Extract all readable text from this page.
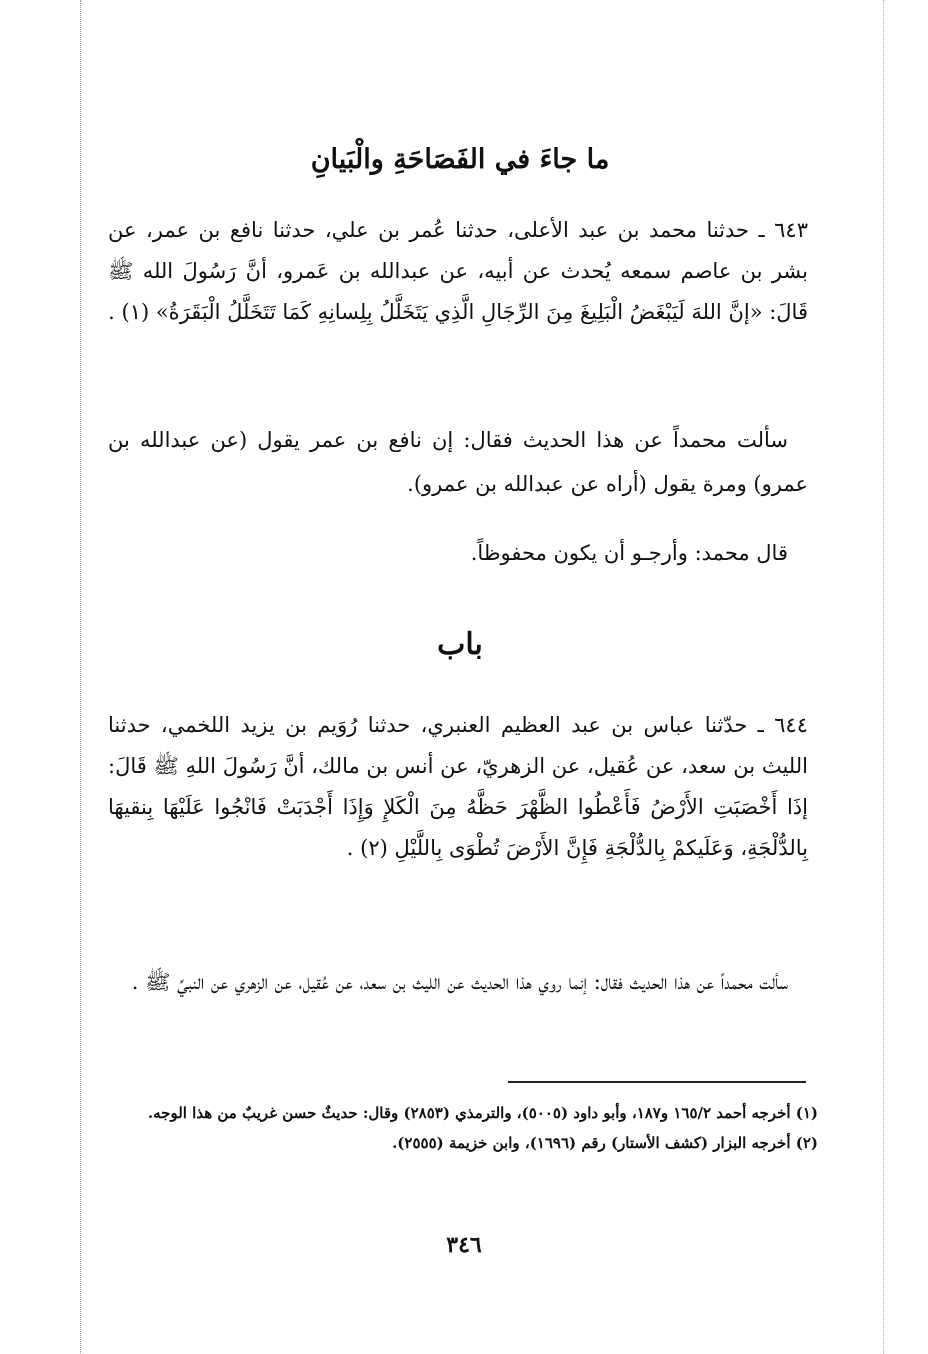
ما جاءَ في الفَصَاحَةِ والْبَيانِ

٦٤٣ ـ حدثنا محمد بن عبد الأعلى، حدثنا عُمر بن علي، حدثنا نافع بن عمر، عن بشر بن عاصم سمعه يُحدث عن أبيه، عن عبدالله بن عَمرو، أنَّ رَسُولَ الله ﷺ قَالَ: «إنَّ اللهَ لَيَبْغَضُ الْبَلِيغَ مِنَ الرِّجَالِ الَّذِي يَتَخَلَّلُ بِلِسانِهِ كَمَا تَتَخَلَّلُ الْبَقَرَةُ» (١) .

سألت محمداً عن هذا الحديث فقال: إن نافع بن عمر يقول (عن عبدالله بن عمرو) ومرة يقول (أراه عن عبدالله بن عمرو).

قال محمد: وأرجـو أن يكون محفوظاً.

باب

٦٤٤ ـ حدّثنا عباس بن عبد العظيم العنبري، حدثنا رُوَيم بن يزيد اللخمي، حدثنا الليث بن سعد، عن عُقيل، عن الزهريّ، عن أنس بن مالك، أنَّ رَسُولَ اللهِ ﷺ قَالَ: إذَا أَخْصَبَتِ الأَرْضُ فَأَعْطُوا الظَّهْرَ حَظَّهُ مِنَ الْكَلإِ وَإِذَا أَجْدَبَتْ فَانْجُوا عَلَيْهَا بِنقيهَا بِالدُّلْجَةِ، وَعَلَيكمْ بِالدُّلْجَةِ فَإِنَّ الأَرْضَ تُطْوَى بِاللَّيْلِ (٢) .

سألت محمداً عن هذا الحديث فقال: إنما روي هذا الحديث عن الليث بن سعد، عن عُقيل، عن الزهري عن النبيِّ ﷺ .

(١) أخرجه أحمد ١٦٥/٢ و١٨٧، وأبو داود (٥٠٠٥)، والترمذي (٢٨٥٣) وقال: حديثٌ حسن غريبٌ من هذا الوجه.

(٢) أخرجه البزار (كشف الأستار) رقم (١٦٩٦)، وابن خزيمة (٢٥٥٥).

٣٤٦
